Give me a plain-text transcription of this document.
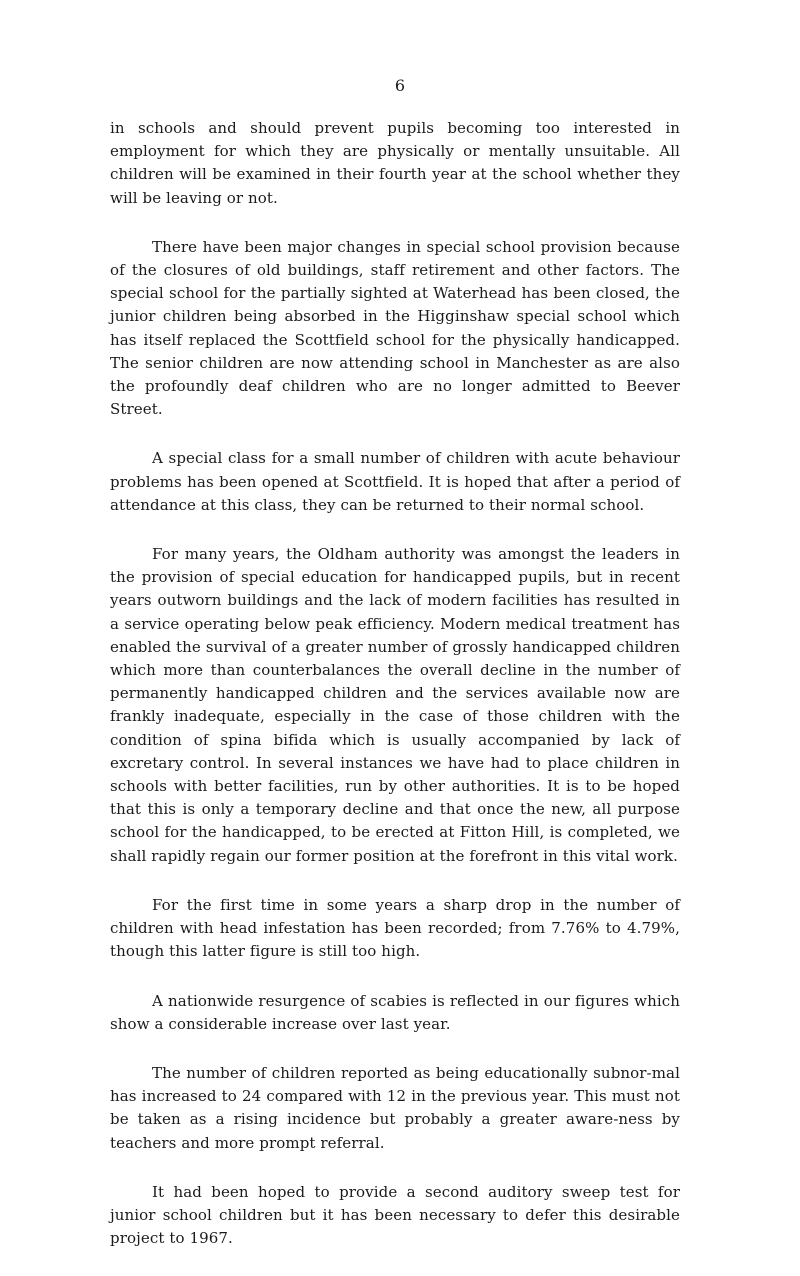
6

in schools and should prevent pupils becoming too interested in employment for which they are physically or mentally unsuitable. All children will be examined in their fourth year at the school whether they will be leaving or not.

There have been major changes in special school provision because of the closures of old buildings, staff retirement and other factors. The special school for the partially sighted at Waterhead has been closed, the junior children being absorbed in the Higginshaw special school which has itself replaced the Scottfield school for the physically handicapped. The senior children are now attending school in Manchester as are also the profoundly deaf children who are no longer admitted to Beever Street.

A special class for a small number of children with acute behaviour problems has been opened at Scottfield. It is hoped that after a period of attendance at this class, they can be returned to their normal school.

For many years, the Oldham authority was amongst the leaders in the provision of special education for handicapped pupils, but in recent years outworn buildings and the lack of modern facilities has resulted in a service operating below peak efficiency. Modern medical treatment has enabled the survival of a greater number of grossly handicapped children which more than counterbalances the overall decline in the number of permanently handicapped children and the services available now are frankly inadequate, especially in the case of those children with the condition of spina bifida which is usually accompanied by lack of excretary control. In several instances we have had to place children in schools with better facilities, run by other authorities. It is to be hoped that this is only a temporary decline and that once the new, all purpose school for the handicapped, to be erected at Fitton Hill, is completed, we shall rapidly regain our former position at the forefront in this vital work.

For the first time in some years a sharp drop in the number of children with head infestation has been recorded; from 7.76% to 4.79%, though this latter figure is still too high.

A nationwide resurgence of scabies is reflected in our figures which show a considerable increase over last year.

The number of children reported as being educationally subnor-mal has increased to 24 compared with 12 in the previous year. This must not be taken as a rising incidence but probably a greater aware-ness by teachers and more prompt referral.

It had been hoped to provide a second auditory sweep test for junior school children but it has been necessary to defer this desirable project to 1967.
